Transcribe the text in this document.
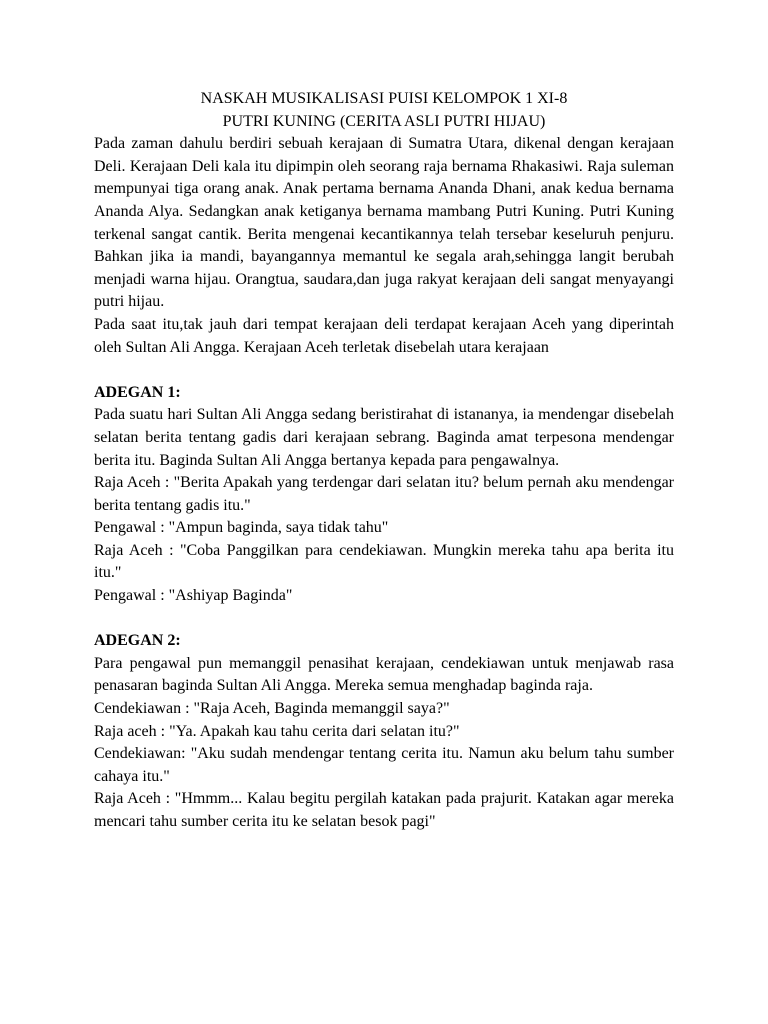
NASKAH MUSIKALISASI PUISI KELOMPOK 1 XI-8

PUTRI KUNING (CERITA ASLI PUTRI HIJAU)

Pada zaman dahulu berdiri sebuah kerajaan di Sumatra Utara, dikenal dengan kerajaan Deli. Kerajaan Deli kala itu dipimpin oleh seorang raja bernama Rhakasiwi. Raja suleman mempunyai tiga orang anak. Anak pertama bernama Ananda Dhani, anak kedua bernama Ananda Alya. Sedangkan anak ketiganya bernama mambang Putri Kuning. Putri Kuning terkenal sangat cantik. Berita mengenai kecantikannya telah tersebar keseluruh penjuru. Bahkan jika ia mandi, bayangannya memantul ke segala arah,sehingga langit berubah menjadi warna hijau. Orangtua, saudara,dan juga rakyat kerajaan deli sangat menyayangi putri hijau.

Pada saat itu,tak jauh dari tempat kerajaan deli terdapat kerajaan Aceh yang diperintah oleh Sultan Ali Angga. Kerajaan Aceh terletak disebelah utara kerajaan

ADEGAN 1:

Pada suatu hari Sultan Ali Angga sedang beristirahat di istananya, ia mendengar disebelah selatan berita tentang gadis dari kerajaan sebrang. Baginda amat terpesona mendengar berita itu. Baginda Sultan Ali Angga bertanya kepada para pengawalnya.

Raja Aceh : "Berita Apakah yang terdengar dari selatan itu? belum pernah aku mendengar berita tentang gadis itu."

Pengawal : "Ampun baginda, saya tidak tahu"

Raja Aceh : "Coba Panggilkan para cendekiawan. Mungkin mereka tahu apa berita itu itu."

Pengawal : "Ashiyap Baginda"

ADEGAN 2:

Para pengawal pun memanggil penasihat kerajaan, cendekiawan untuk menjawab rasa penasaran baginda Sultan Ali Angga. Mereka semua menghadap baginda raja.

Cendekiawan : "Raja Aceh, Baginda memanggil saya?"

Raja aceh : "Ya. Apakah kau tahu cerita dari selatan itu?"

Cendekiawan: "Aku sudah mendengar tentang cerita itu. Namun aku belum tahu sumber cahaya itu."

Raja Aceh : "Hmmm... Kalau begitu pergilah katakan pada prajurit. Katakan agar mereka mencari tahu sumber cerita itu ke selatan besok pagi"
